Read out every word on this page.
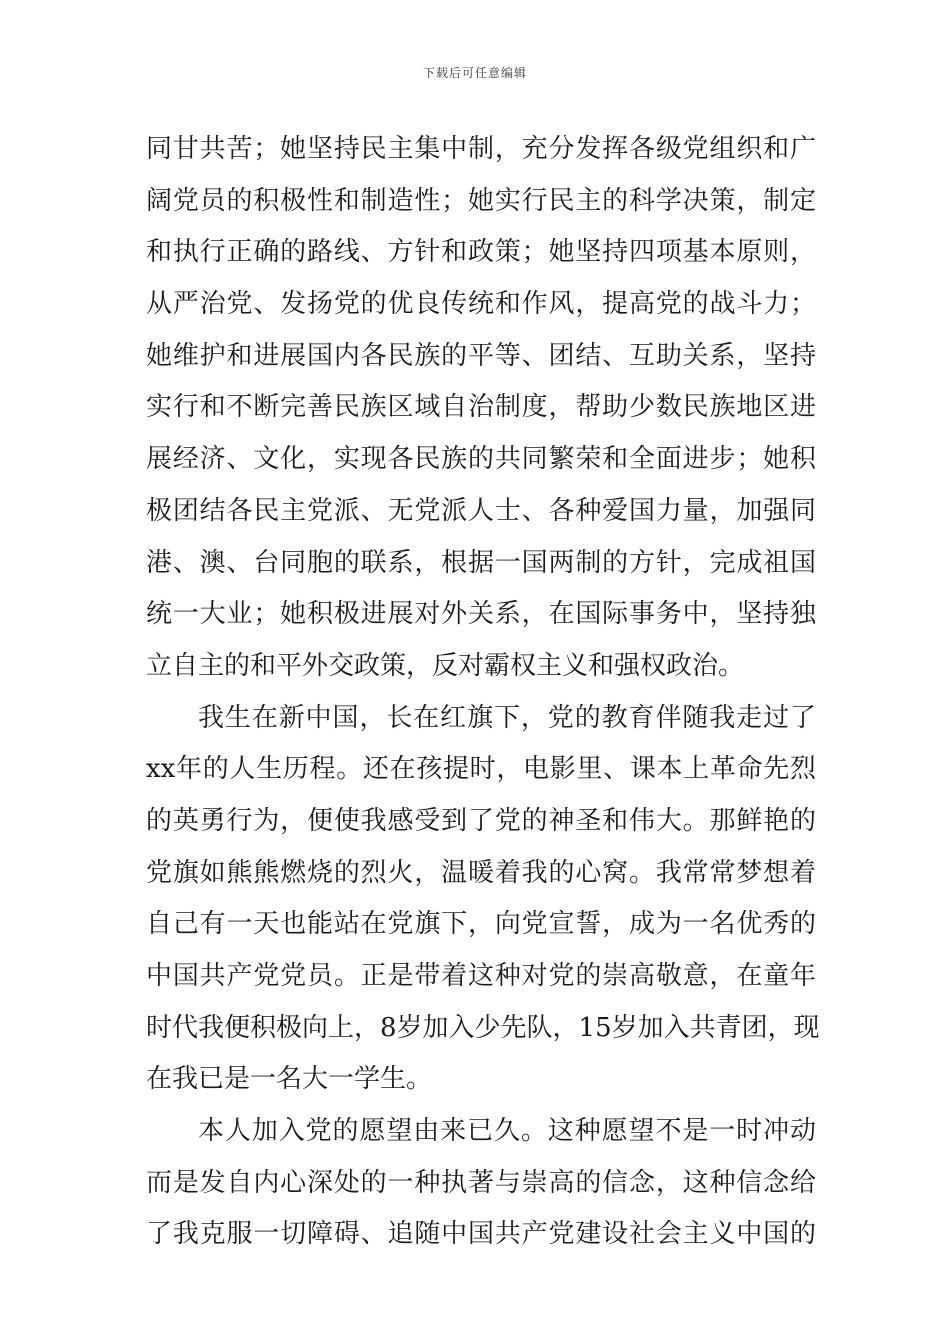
下载后可任意编辑
同甘共苦；她坚持民主集中制，充分发挥各级党组织和广
阔党员的积极性和制造性；她实行民主的科学决策，制定
和执行正确的路线、方针和政策；她坚持四项基本原则，
从严治党、发扬党的优良传统和作风，提高党的战斗力；
她维护和进展国内各民族的平等、团结、互助关系，坚持
实行和不断完善民族区域自治制度，帮助少数民族地区进
展经济、文化，实现各民族的共同繁荣和全面进步；她积
极团结各民主党派、无党派人士、各种爱国力量，加强同
港、澳、台同胞的联系，根据一国两制的方针，完成祖国
统一大业；她积极进展对外关系，在国际事务中，坚持独
立自主的和平外交政策，反对霸权主义和强权政治。
我生在新中国，长在红旗下，党的教育伴随我走过了
xx年的人生历程。还在孩提时，电影里、课本上革命先烈
的英勇行为，便使我感受到了党的神圣和伟大。那鲜艳的
党旗如熊熊燃烧的烈火，温暖着我的心窝。我常常梦想着
自己有一天也能站在党旗下，向党宣誓，成为一名优秀的
中国共产党党员。正是带着这种对党的崇高敬意，在童年
时代我便积极向上，8岁加入少先队，15岁加入共青团，现
在我已是一名大一学生。
本人加入党的愿望由来已久。这种愿望不是一时冲动
而是发自内心深处的一种执著与崇高的信念，这种信念给
了我克服一切障碍、追随中国共产党建设社会主义中国的
